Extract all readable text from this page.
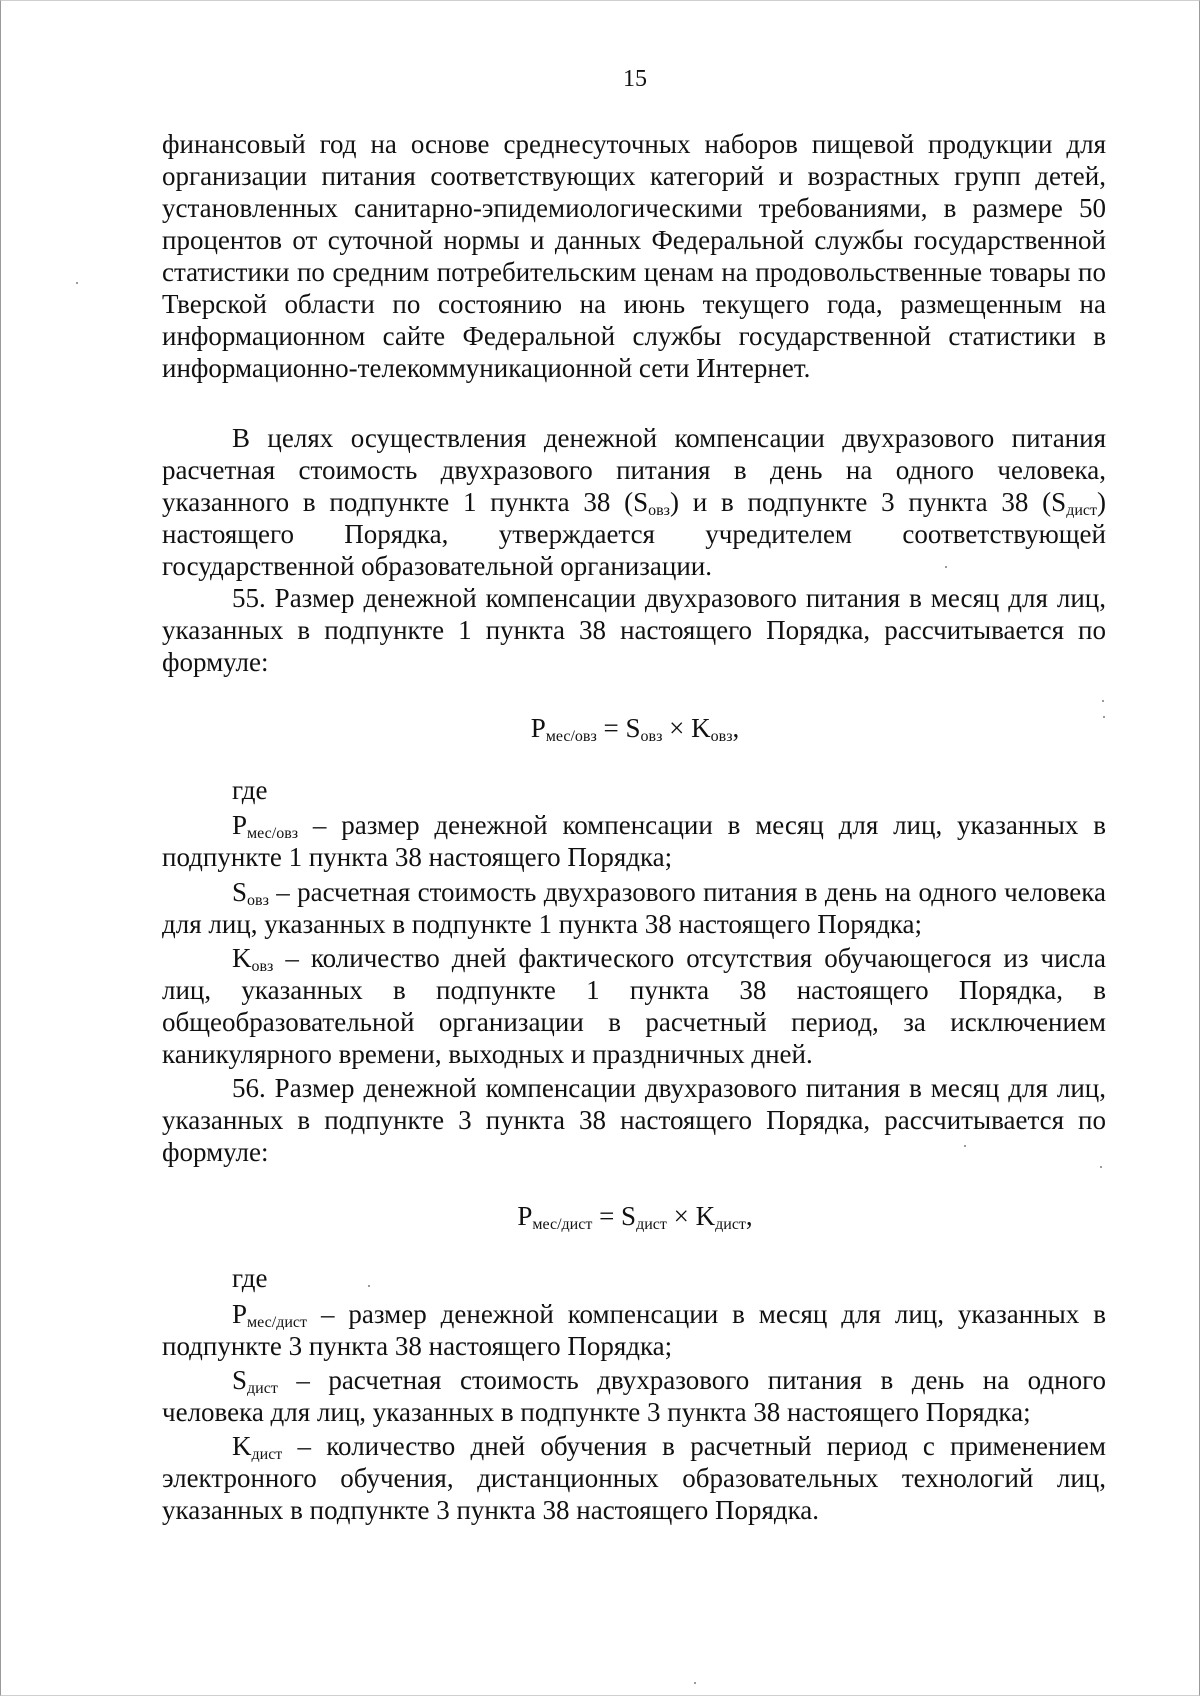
15

финансовый год на основе среднесуточных наборов пищевой продукции для организации питания соответствующих категорий и возрастных групп детей, установленных санитарно-эпидемиологическими требованиями, в размере 50 процентов от суточной нормы и данных Федеральной службы государственной статистики по средним потребительским ценам на продовольственные товары по Тверской области по состоянию на июнь текущего года, размещенным на информационном сайте Федеральной службы государственной статистики в информационно-телекоммуникационной сети Интернет.

В целях осуществления денежной компенсации двухразового питания расчетная стоимость двухразового питания в день на одного человека, указанного в подпункте 1 пункта 38 $(S_{овз})$ и в подпункте 3 пункта 38 $(S_{дист})$ настоящего Порядка, утверждается учредителем соответствующей государственной образовательной организации.

55. Размер денежной компенсации двухразового питания в месяц для лиц, указанных в подпункте 1 пункта 38 настоящего Порядка, рассчитывается по формуле:

$P_{мес/овз} = S_{овз} \times K_{овз}$,
где

$P_{мес/овз}$ – размер денежной компенсации в месяц для лиц, указанных в подпункте 1 пункта 38 настоящего Порядка;

$S_{овз}$ – расчетная стоимость двухразового питания в день на одного человека для лиц, указанных в подпункте 1 пункта 38 настоящего Порядка;

$K_{овз}$ – количество дней фактического отсутствия обучающегося из числа лиц, указанных в подпункте 1 пункта 38 настоящего Порядка, в общеобразовательной организации в расчетный период, за исключением каникулярного времени, выходных и праздничных дней.

56. Размер денежной компенсации двухразового питания в месяц для лиц, указанных в подпункте 3 пункта 38 настоящего Порядка, рассчитывается по формуле:

$P_{мес/дист} = S_{дист} \times K_{дист}$,
где

$P_{мес/дист}$ – размер денежной компенсации в месяц для лиц, указанных в подпункте 3 пункта 38 настоящего Порядка;

$S_{дист}$ – расчетная стоимость двухразового питания в день на одного человека для лиц, указанных в подпункте 3 пункта 38 настоящего Порядка;

$K_{дист}$ – количество дней обучения в расчетный период с применением электронного обучения, дистанционных образовательных технологий лиц, указанных в подпункте 3 пункта 38 настоящего Порядка.
